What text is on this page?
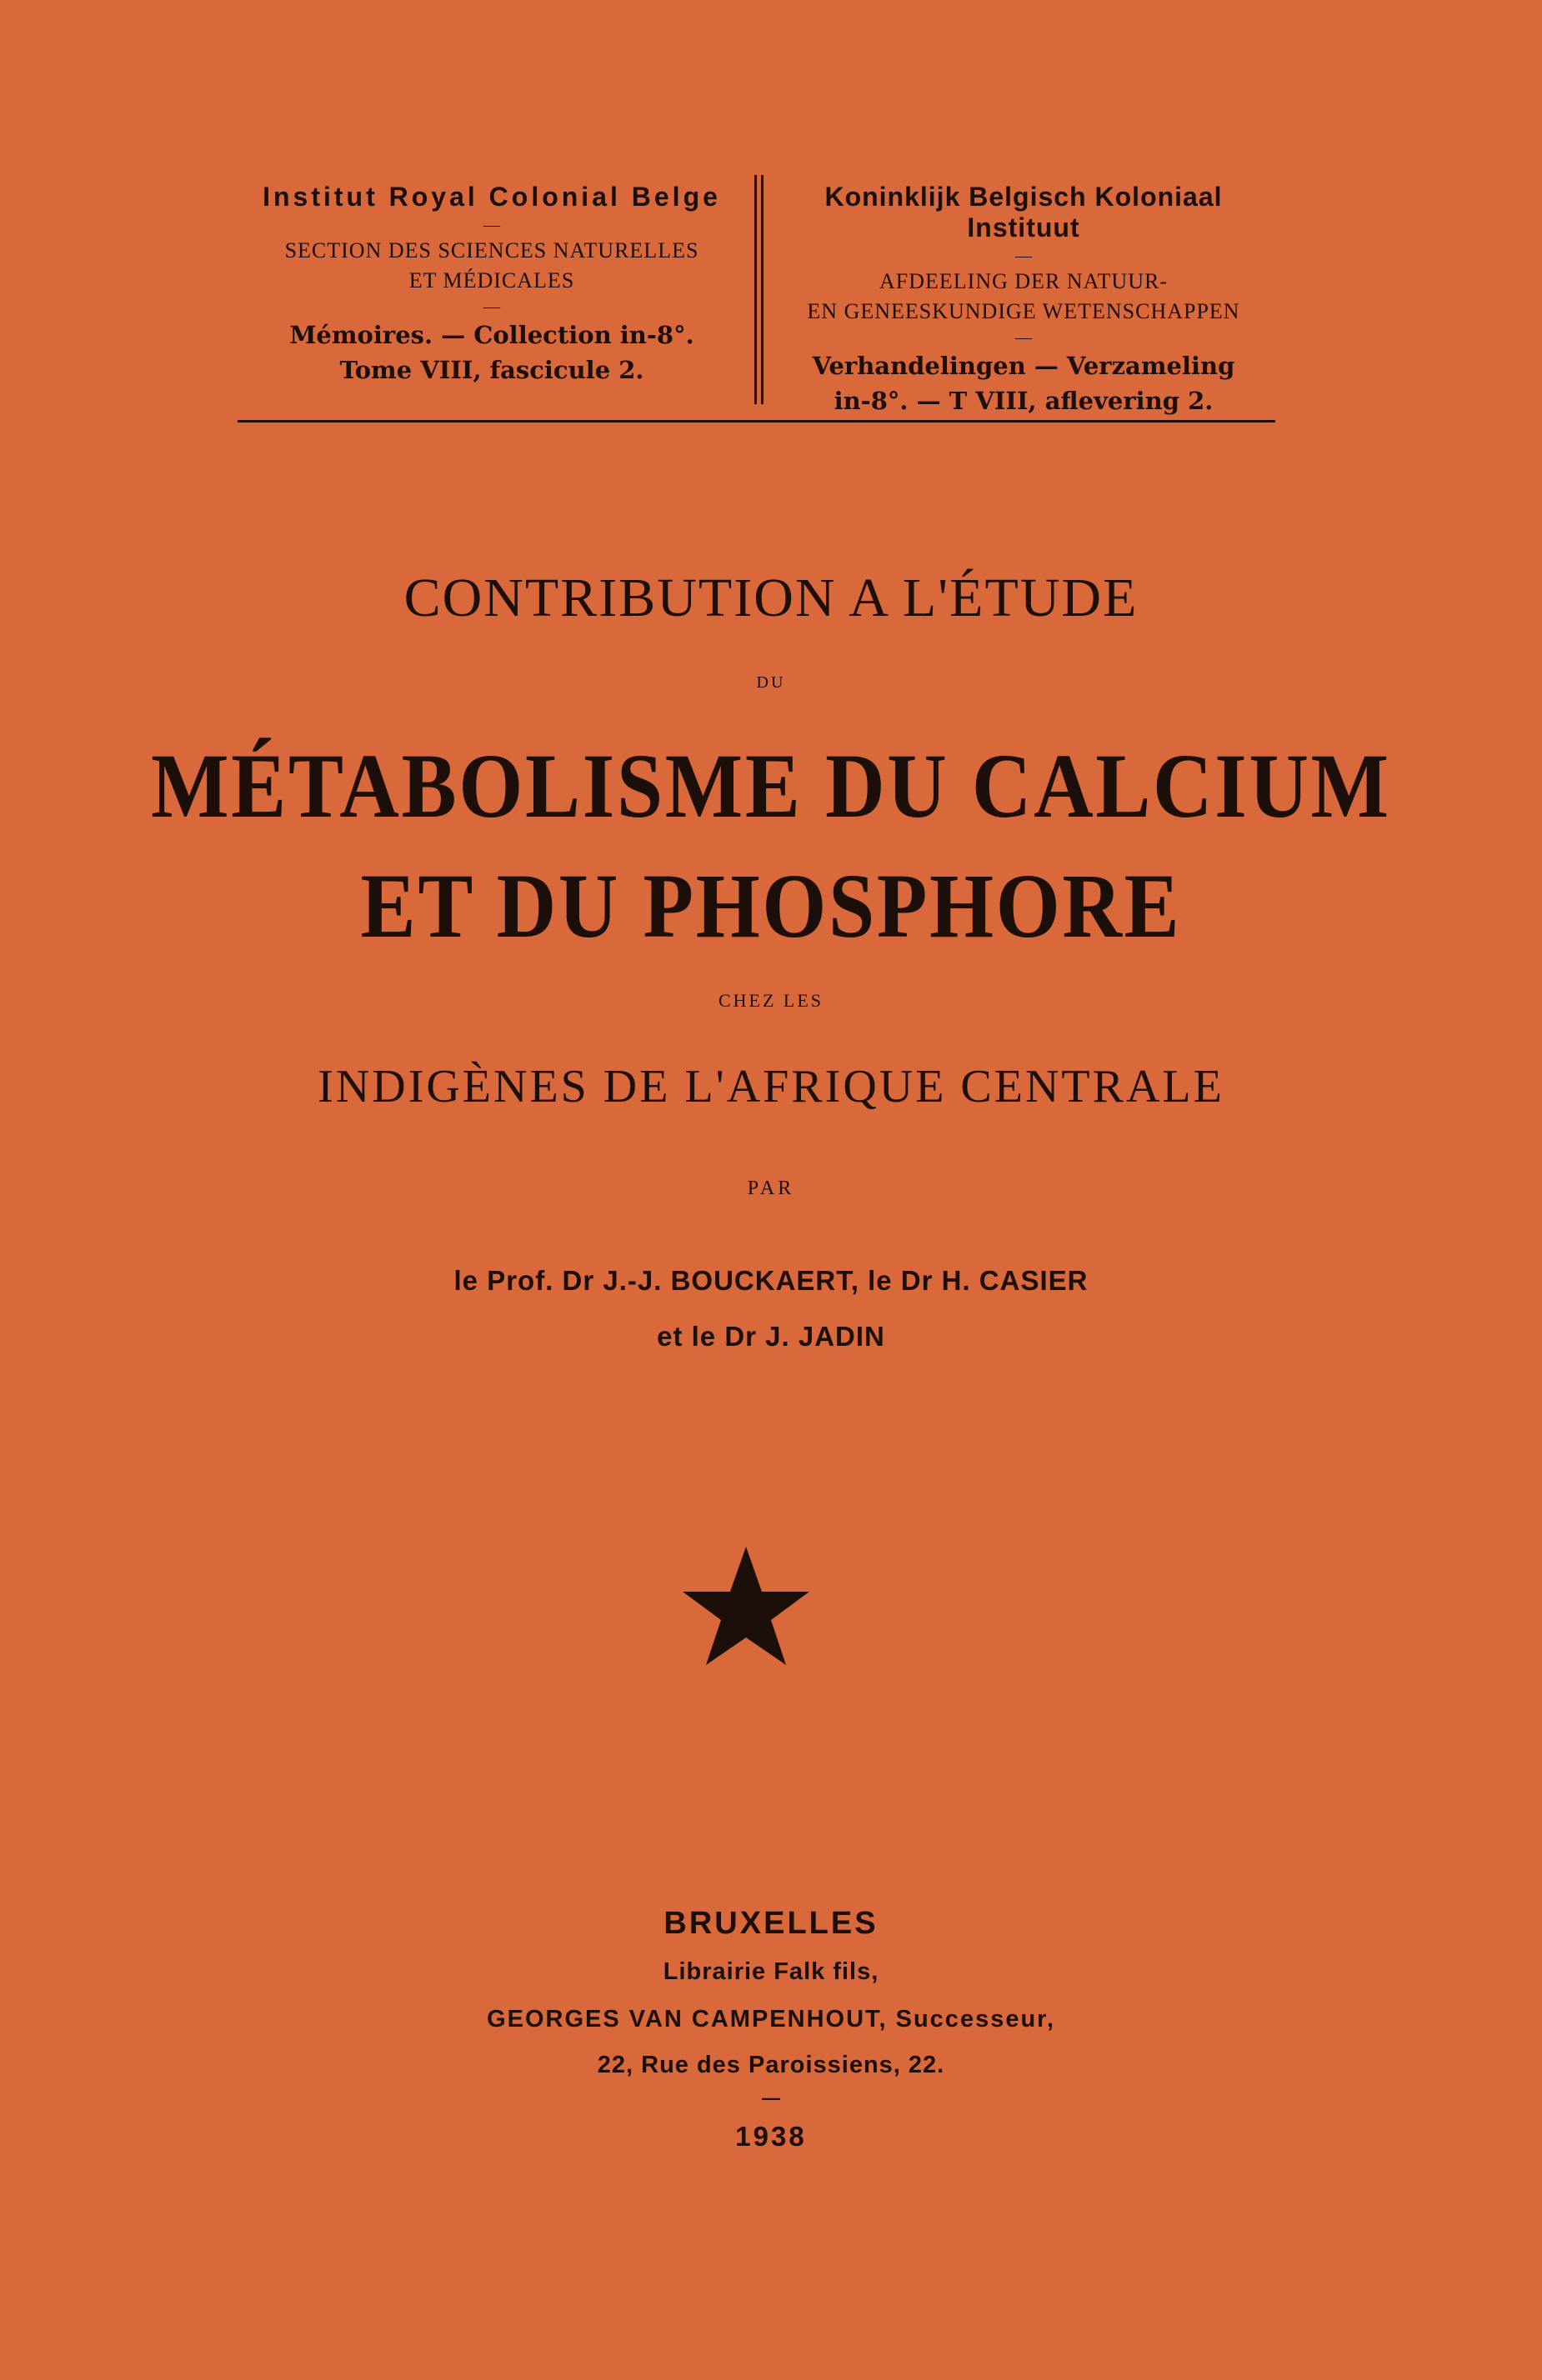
Institut Royal Colonial Belge
—
SECTION DES SCIENCES NATURELLES
ET MÉDICALES
—
Mémoires. — Collection in-8°.
Tome VIII, fascicule 2.
Koninklijk Belgisch Koloniaal Instituut
—
AFDEELING DER NATUUR-
EN GENEESKUNDIGE WETENSCHAPPEN
—
Verhandelingen — Verzameling
in-8°. — T VIII, aflevering 2.
CONTRIBUTION A L'ÉTUDE
DU
MÉTABOLISME DU CALCIUM
ET DU PHOSPHORE
CHEZ LES
INDIGÈNES DE L'AFRIQUE CENTRALE
PAR
le Prof. Dr J.-J. BOUCKAERT, le Dr H. CASIER
et le Dr J. JADIN
BRUXELLES
Librairie Falk fils,
GEORGES VAN CAMPENHOUT, Successeur,
22, Rue des Paroissiens, 22.
—
1938
